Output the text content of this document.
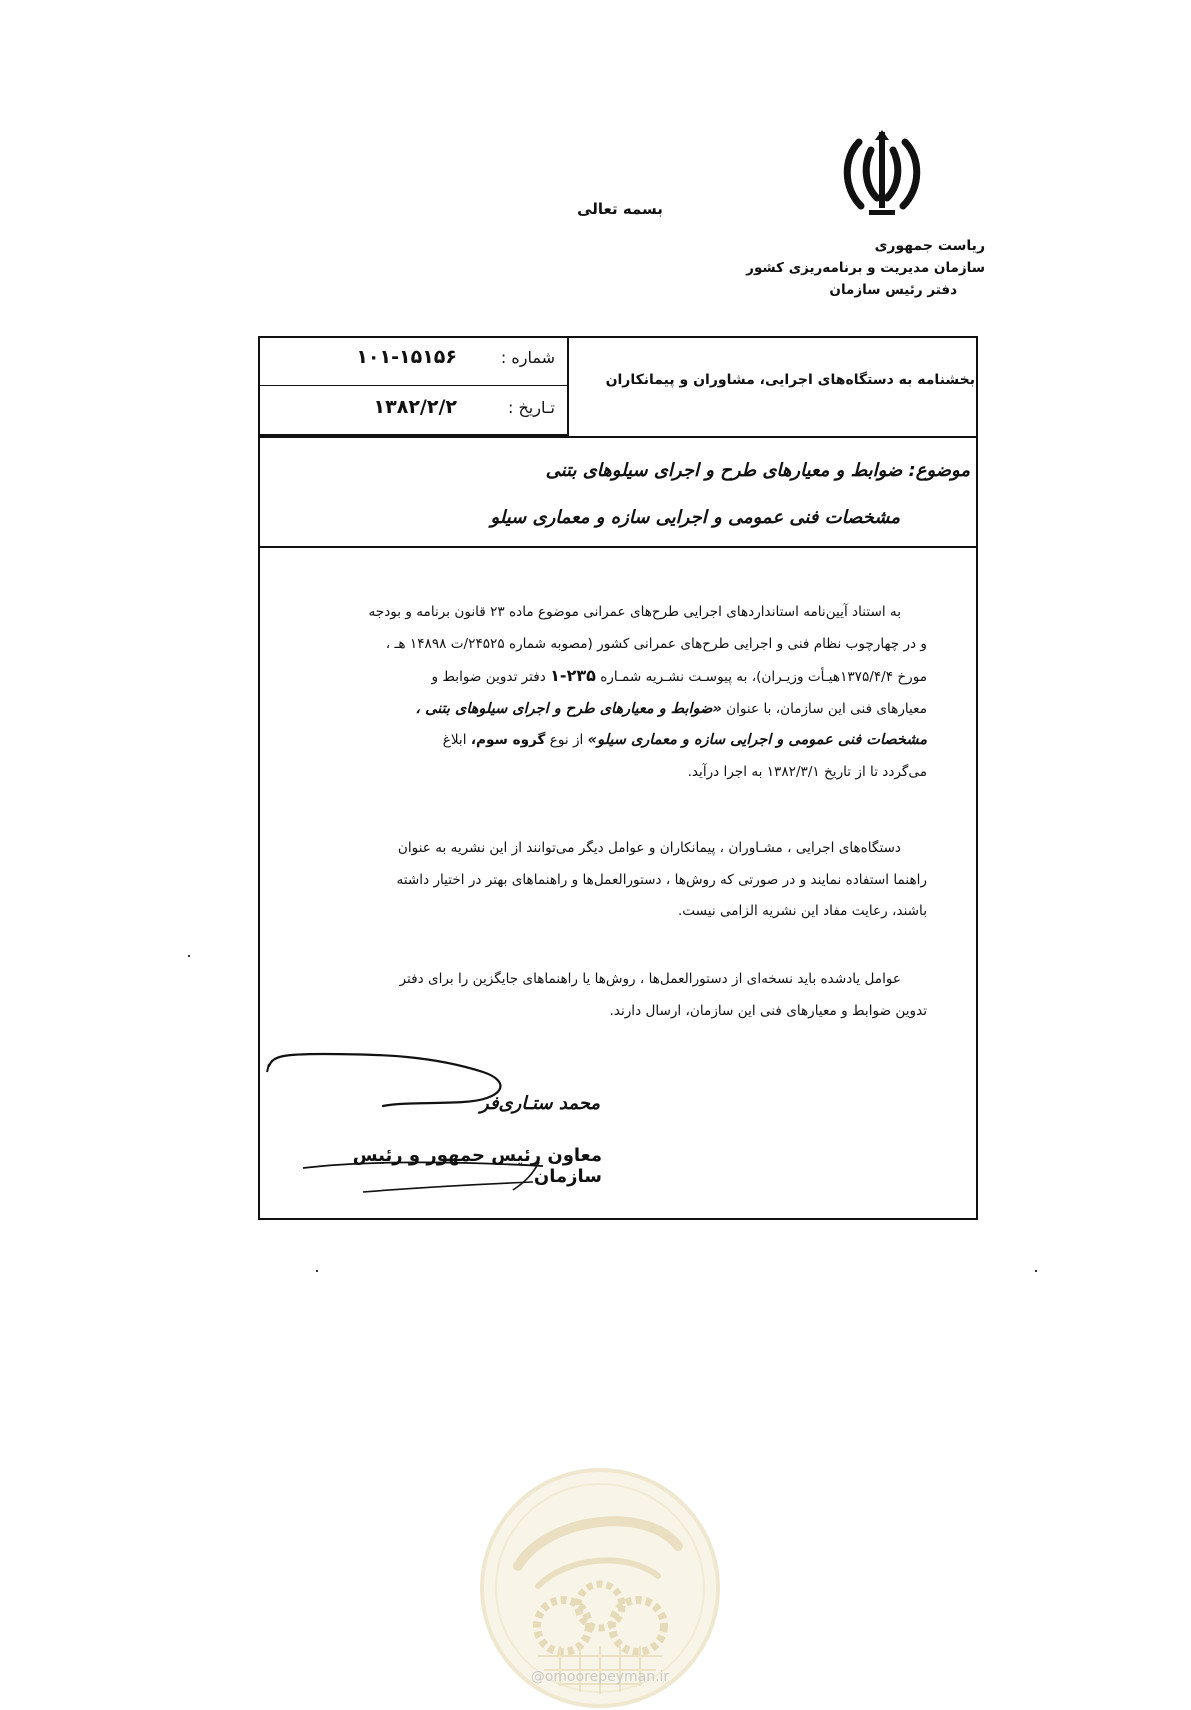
بسمه تعالی
ریاست جمهوری
سازمان مدیریت و برنامه‌ریزی کشور
دفتر رئیس سازمان
شماره :
۱۰۱-۱۵۱۵۶
تـاریخ :
۱۳۸۲/۲/۲
بخشنامه به دستگاه‌های اجرایی، مشاوران و پیمانکاران
موضوع: ضوابط و معیارهای طرح و اجرای سیلوهای بتنی
مشخصات فنی عمومی و اجرایی سازه و معماری سیلو
به استناد آیین‌نامه استانداردهای اجرایی طرح‌های عمرانی موضوع ماده ۲۳ قانون برنامه و بودجه
و در چهارچوب نظام فنی و اجرایی طرح‌های عمرانی کشور (مصوبه شماره ۲۴۵۲۵/ت ۱۴۸۹۸ هـ ،
مورخ ۱۳۷۵/۴/۴هیـأت وزیـران)، به پیوسـت نشـریه شمـاره ۲۳۵-۱ دفتر تدوین ضوابط و
معیارهای فنی این سازمان، با عنوان «ضوابط و معیارهای طرح و اجرای سیلوهای بتنی ،
مشخصات فنی عمومی و اجرایی سازه و معماری سیلو» از نوع گروه سوم، ابلاغ
می‌گردد تا از تاریخ ۱۳۸۲/۳/۱ به اجرا درآید.
دستگاه‌های اجرایی ، مشـاوران ، پیمانکاران و عوامل دیگر می‌توانند از این نشریه به عنوان
راهنما استفاده نمایند و در صورتی که روش‌ها ، دستورالعمل‌ها و راهنماهای بهتر در اختیار داشته
باشند، رعایت مفاد این نشریه الزامی نیست.
عوامل یادشده باید نسخه‌ای از دستورالعمل‌ها ، روش‌ها یا راهنماهای جایگزین را برای دفتر
تدوین ضوابط و معیارهای فنی این سازمان، ارسال دارند.
محمد ستـاری‌فر
معاون رئیس جمهور و رئیس سازمان
@omoorepeyman.ir
